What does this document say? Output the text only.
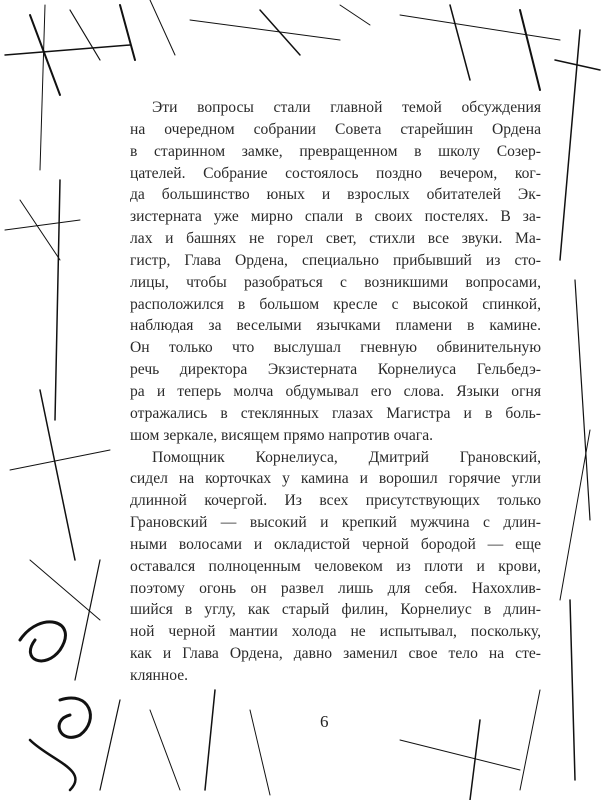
Эти вопросы стали главной темой обсуждения
на очередном собрании Совета старейшин Ордена
в старинном замке, превращенном в школу Созер-
цателей. Собрание состоялось поздно вечером, ког-
да большинство юных и взрослых обитателей Эк-
зистерната уже мирно спали в своих постелях. В за-
лах и башнях не горел свет, стихли все звуки. Ма-
гистр, Глава Ордена, специально прибывший из сто-
лицы, чтобы разобраться с возникшими вопросами,
расположился в большом кресле с высокой спинкой,
наблюдая за веселыми язычками пламени в камине.
Он только что выслушал гневную обвинительную
речь директора Экзистерната Корнелиуса Гельбедэ-
ра и теперь молча обдумывал его слова. Языки огня
отражались в стеклянных глазах Магистра и в боль-
шом зеркале, висящем прямо напротив очага.
Помощник Корнелиуса, Дмитрий Грановский,
сидел на корточках у камина и ворошил горячие угли
длинной кочергой. Из всех присутствующих только
Грановский — высокий и крепкий мужчина с длин-
ными волосами и окладистой черной бородой — еще
оставался полноценным человеком из плоти и крови,
поэтому огонь он развел лишь для себя. Нахохлив-
шийся в углу, как старый филин, Корнелиус в длин-
ной черной мантии холода не испытывал, поскольку,
как и Глава Ордена, давно заменил свое тело на сте-
клянное.
6
